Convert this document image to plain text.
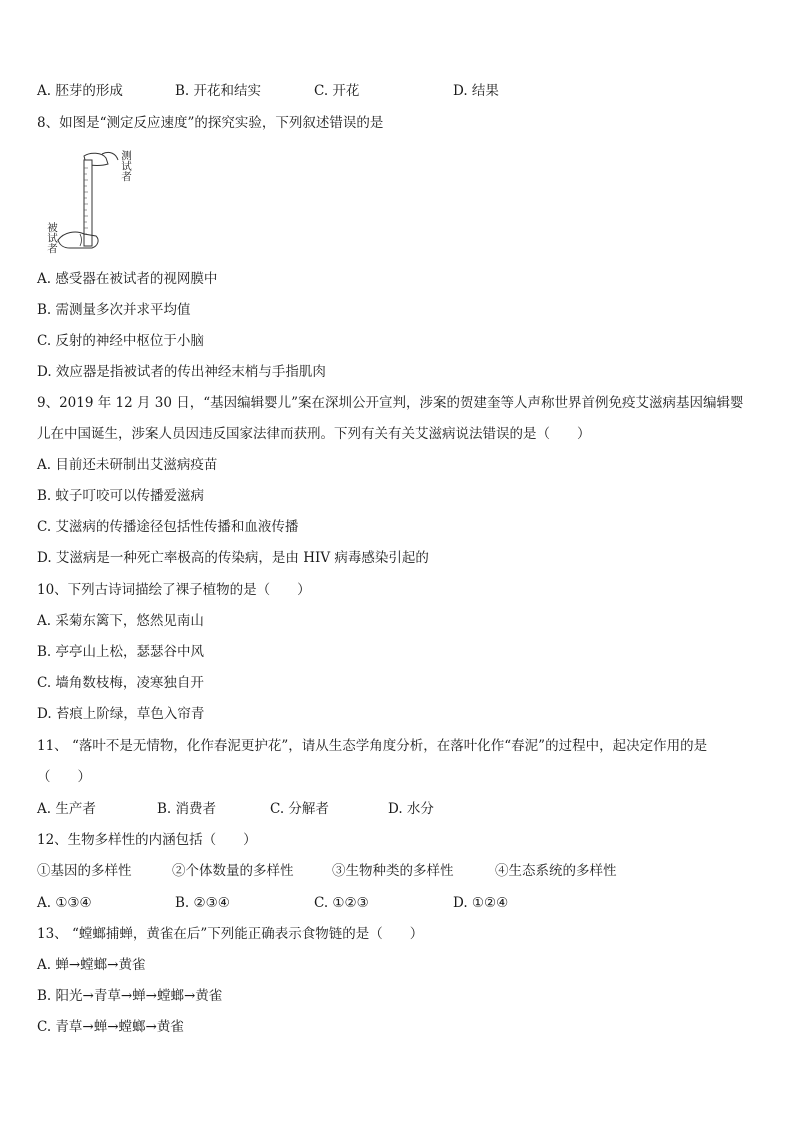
A. 胚芽的形成	B. 开花和结实	C. 开花	D. 结果
8、如图是“测定反应速度”的探究实验，下列叙述错误的是
测试者
被试者
A. 感受器在被试者的视网膜中
B. 需测量多次并求平均值
C. 反射的神经中枢位于小脑
D. 效应器是指被试者的传出神经末梢与手指肌肉
9、2019 年 12 月 30 日，“基因编辑婴儿”案在深圳公开宣判，涉案的贺建奎等人声称世界首例免疫艾滋病基因编辑婴
儿在中国诞生，涉案人员因违反国家法律而获刑。下列有关有关艾滋病说法错误的是（　　）
A. 目前还未研制出艾滋病疫苗
B. 蚊子叮咬可以传播爱滋病
C. 艾滋病的传播途径包括性传播和血液传播
D. 艾滋病是一种死亡率极高的传染病，是由 HIV 病毒感染引起的
10、下列古诗词描绘了裸子植物的是（　　）
A. 采菊东篱下，悠然见南山
B. 亭亭山上松，瑟瑟谷中风
C. 墙角数枝梅，凌寒独自开
D. 苔痕上阶绿，草色入帘青
11、 “落叶不是无情物，化作春泥更护花”，请从生态学角度分析，在落叶化作“春泥”的过程中，起决定作用的是
（　　）
A. 生产者	B. 消费者	C. 分解者	D. 水分
12、生物多样性的内涵包括（　　）
①基因的多样性	②个体数量的多样性	③生物种类的多样性	④生态系统的多样性
A. ①③④	B. ②③④	C. ①②③	D. ①②④
13、 “螳螂捕蝉，黄雀在后”下列能正确表示食物链的是（　　）
A. 蝉→螳螂→黄雀
B. 阳光→青草→蝉→螳螂→黄雀
C. 青草→蝉→螳螂→黄雀
